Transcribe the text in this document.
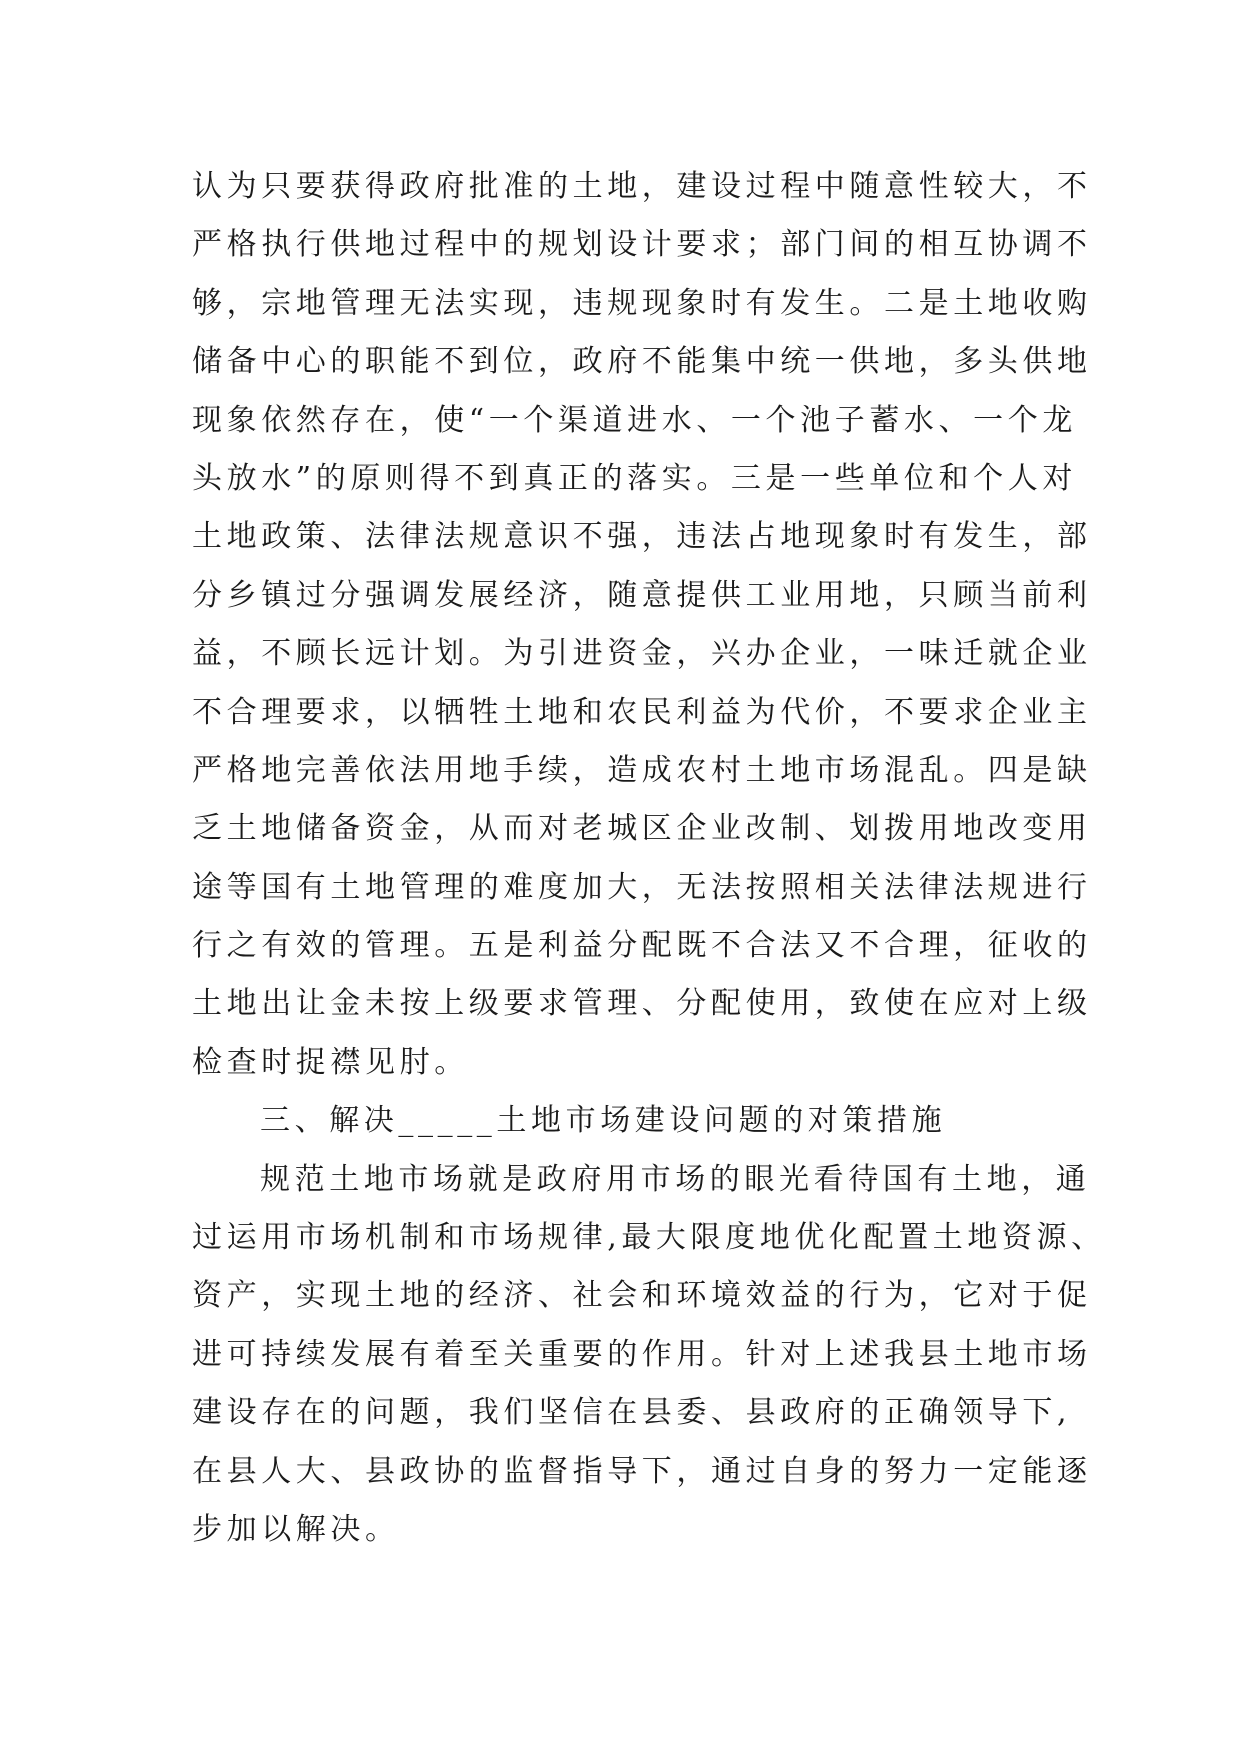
认为只要获得政府批准的土地，建设过程中随意性较大，不
严格执行供地过程中的规划设计要求；部门间的相互协调不
够，宗地管理无法实现，违规现象时有发生。二是土地收购
储备中心的职能不到位，政府不能集中统一供地，多头供地
现象依然存在，使“一个渠道进水、一个池子蓄水、一个龙
头放水”的原则得不到真正的落实。三是一些单位和个人对
土地政策、法律法规意识不强，违法占地现象时有发生，部
分乡镇过分强调发展经济，随意提供工业用地，只顾当前利
益，不顾长远计划。为引进资金，兴办企业，一味迁就企业
不合理要求，以牺牲土地和农民利益为代价，不要求企业主
严格地完善依法用地手续，造成农村土地市场混乱。四是缺
乏土地储备资金，从而对老城区企业改制、划拨用地改变用
途等国有土地管理的难度加大，无法按照相关法律法规进行
行之有效的管理。五是利益分配既不合法又不合理，征收的
土地出让金未按上级要求管理、分配使用，致使在应对上级
检查时捉襟见肘。
三、解决_____土地市场建设问题的对策措施
规范土地市场就是政府用市场的眼光看待国有土地，通
过运用市场机制和市场规律,最大限度地优化配置土地资源、
资产，实现土地的经济、社会和环境效益的行为，它对于促
进可持续发展有着至关重要的作用。针对上述我县土地市场
建设存在的问题，我们坚信在县委、县政府的正确领导下,
在县人大、县政协的监督指导下，通过自身的努力一定能逐
步加以解决。
